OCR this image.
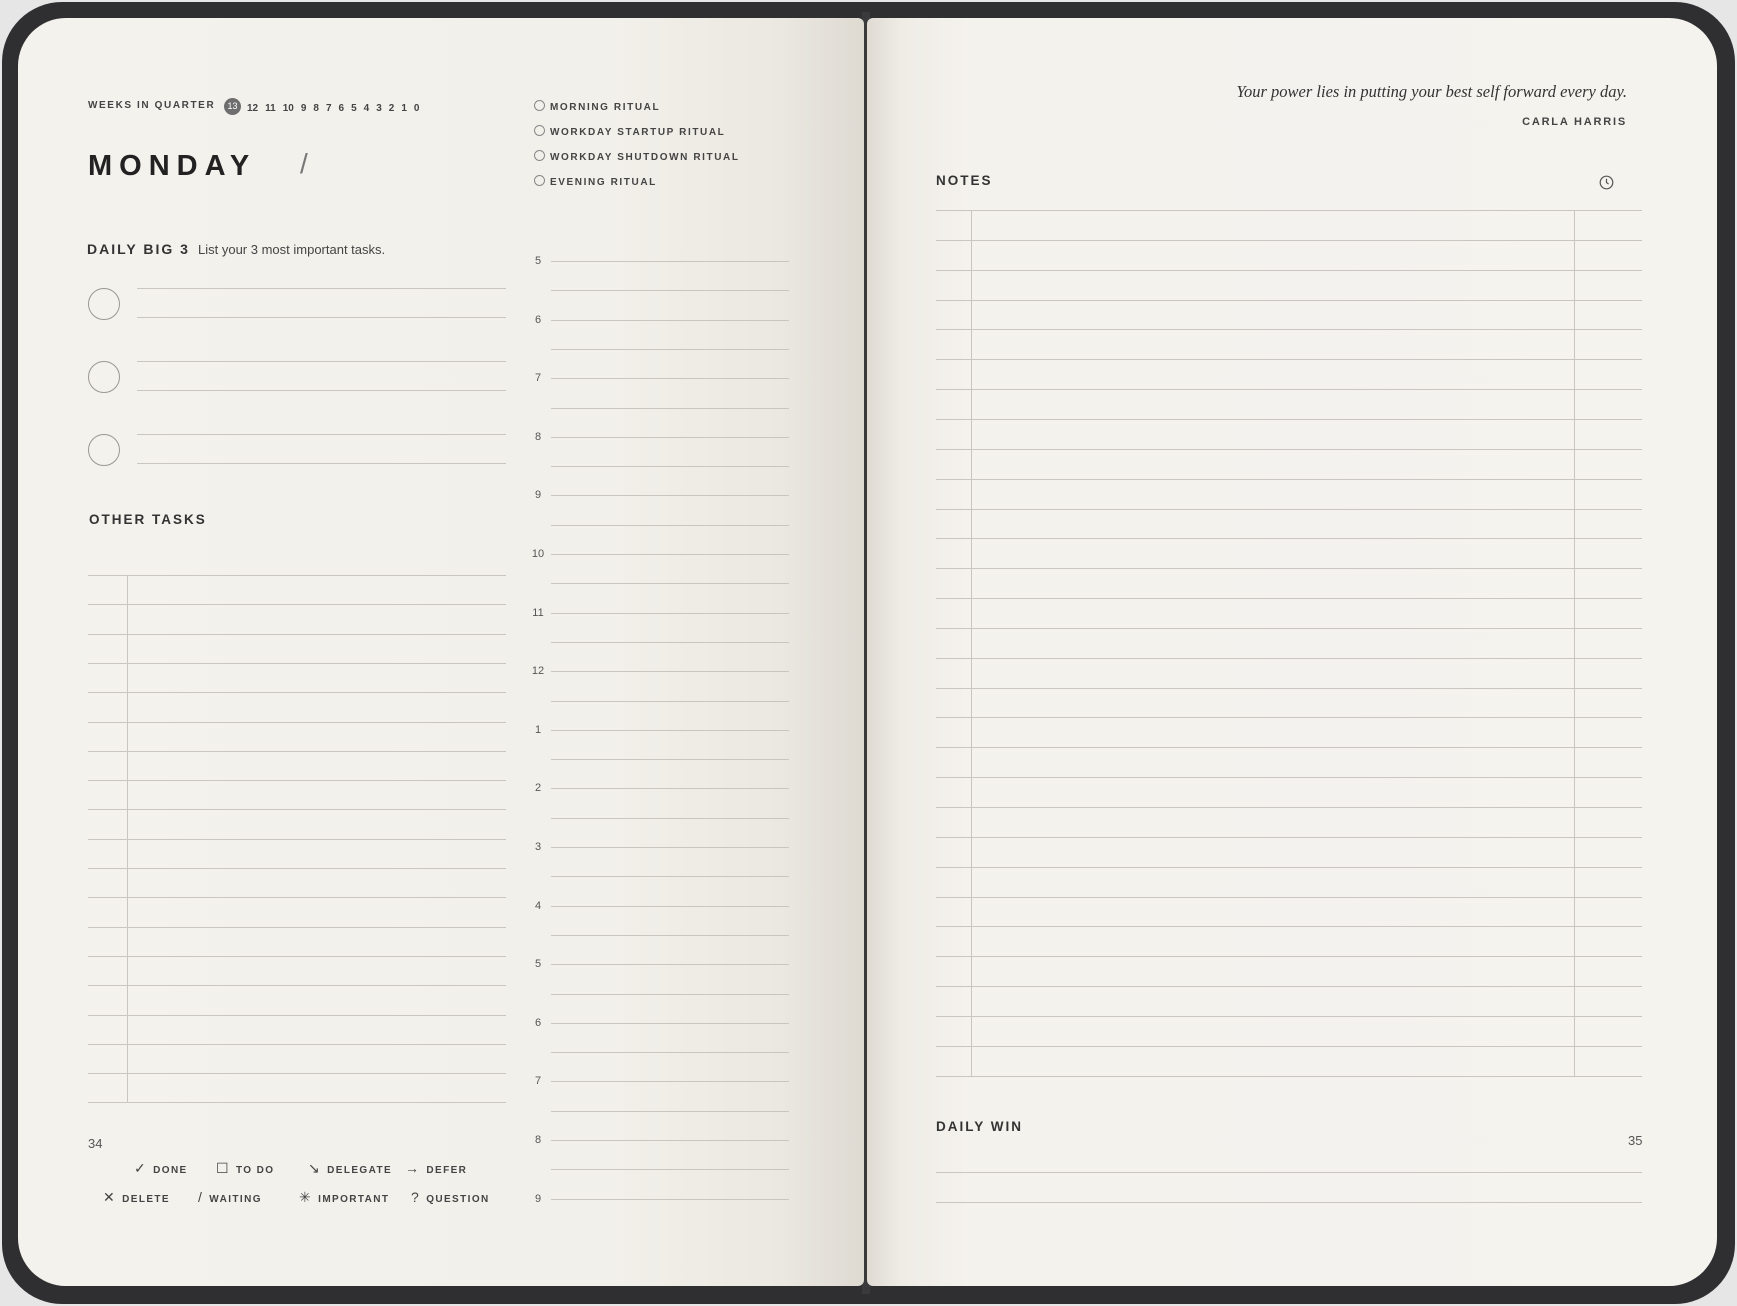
WEEKS IN QUARTER	13 12 11 10 9 8 7 6 5 4 3 2 1 0
MONDAY /
MORNING RITUAL
WORKDAY STARTUP RITUAL
WORKDAY SHUTDOWN RITUAL
EVENING RITUAL
DAILY BIG 3 List your 3 most important tasks.
OTHER TASKS
5
6
7
8
9
10
11
12
1
2
3
4
5
6
7
8
9
✓ DONE ☐ TO DO ↘ DELEGATE → DEFER
✕ DELETE / WAITING	✳ IMPORTANT ? QUESTION
34
Your power lies in putting your best self forward every day.
CARLA HARRIS
NOTES
DAILY WIN
35
